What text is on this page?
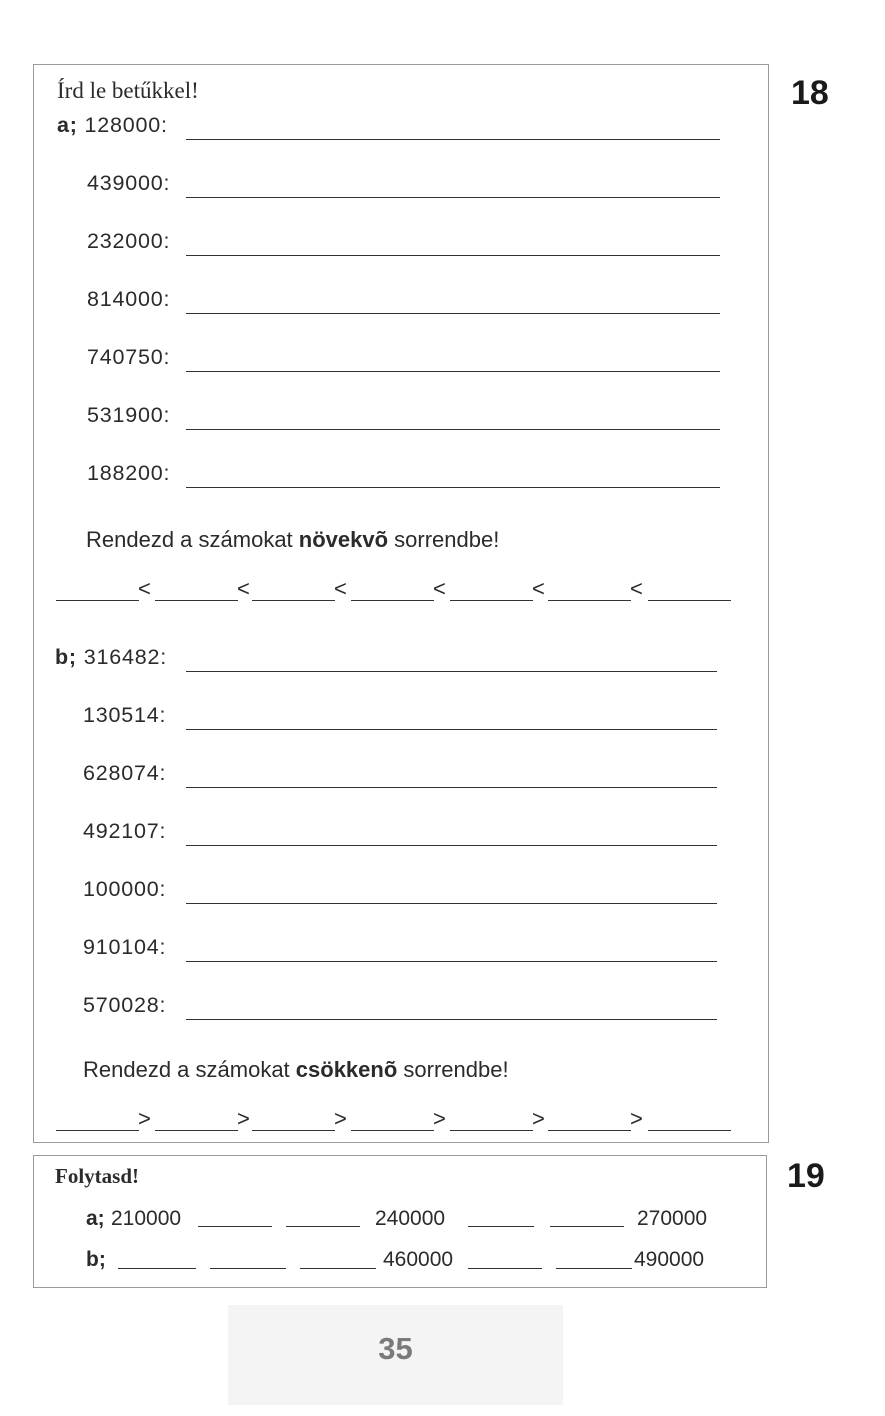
18
Írd le betűkkel!
a; 128000:
439000:
232000:
814000:
740750:
531900:
188200:
<	<	<	<	<	<
b; 316482:
130514:
628074:
492107:
100000:
910104:
570028:
>	>	>	>	>	>
Rendezd a számokat növekvõ sorrendbe!
Rendezd a számokat csökkenõ sorrendbe!
19
Folytasd!
a; 210000	240000	270000
b;	460000	490000
35
